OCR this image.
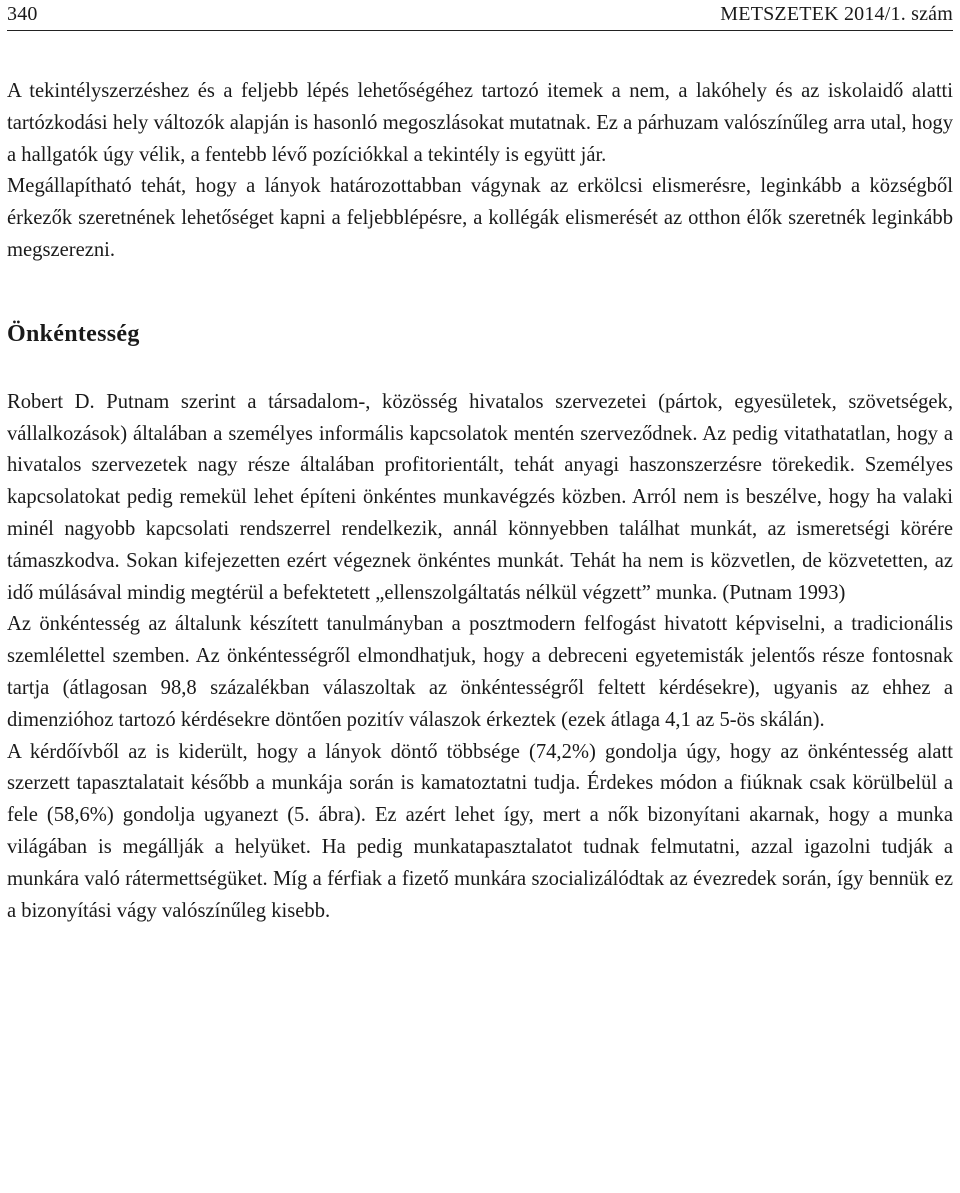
340	METSZETEK 2014/1. szám

A tekintélyszerzéshez és a feljebb lépés lehetőségéhez tartozó itemek a nem, a lakóhely és az iskolaidő alatti tartózkodási hely változók alapján is hasonló megoszlásokat mutatnak. Ez a párhuzam valószínűleg arra utal, hogy a hallgatók úgy vélik, a fentebb lévő pozíciókkal a tekintély is együtt jár.

Megállapítható tehát, hogy a lányok határozottabban vágynak az erkölcsi elismerésre, leginkább a községből érkezők szeretnének lehetőséget kapni a feljebblépésre, a kollégák elismerését az otthon élők szeretnék leginkább megszerezni.

Önkéntesség

Robert D. Putnam szerint a társadalom-, közösség hivatalos szervezetei (pártok, egyesületek, szövetségek, vállalkozások) általában a személyes informális kapcsolatok mentén szerveződnek. Az pedig vitathatatlan, hogy a hivatalos szervezetek nagy része általában profitorientált, tehát anyagi haszonszerzésre törekedik. Személyes kapcsolatokat pedig remekül lehet építeni önkéntes munkavégzés közben. Arról nem is beszélve, hogy ha valaki minél nagyobb kapcsolati rendszerrel rendelkezik, annál könnyebben találhat munkát, az ismeretségi körére támaszkodva. Sokan kifejezetten ezért végeznek önkéntes munkát. Tehát ha nem is közvetlen, de közvetetten, az idő múlásával mindig megtérül a befektetett „ellenszolgáltatás nélkül végzett” munka. (Putnam 1993)

Az önkéntesség az általunk készített tanulmányban a posztmodern felfogást hivatott képviselni, a tradicionális szemlélettel szemben. Az önkéntességről elmondhatjuk, hogy a debreceni egyetemisták jelentős része fontosnak tartja (átlagosan 98,8 százalékban válaszoltak az önkéntességről feltett kérdésekre), ugyanis az ehhez a dimenzióhoz tartozó kérdésekre döntően pozitív válaszok érkeztek (ezek átlaga 4,1 az 5-ös skálán).

A kérdőívből az is kiderült, hogy a lányok döntő többsége (74,2%) gondolja úgy, hogy az önkéntesség alatt szerzett tapasztalatait később a munkája során is kamatoztatni tudja. Érdekes módon a fiúknak csak körülbelül a fele (58,6%) gondolja ugyanezt (5. ábra). Ez azért lehet így, mert a nők bizonyítani akarnak, hogy a munka világában is megállják a helyüket. Ha pedig munkatapasztalatot tudnak felmutatni, azzal igazolni tudják a munkára való rátermettségüket. Míg a férfiak a fizető munkára szocializálódtak az évezredek során, így bennük ez a bizonyítási vágy valószínűleg kisebb.
